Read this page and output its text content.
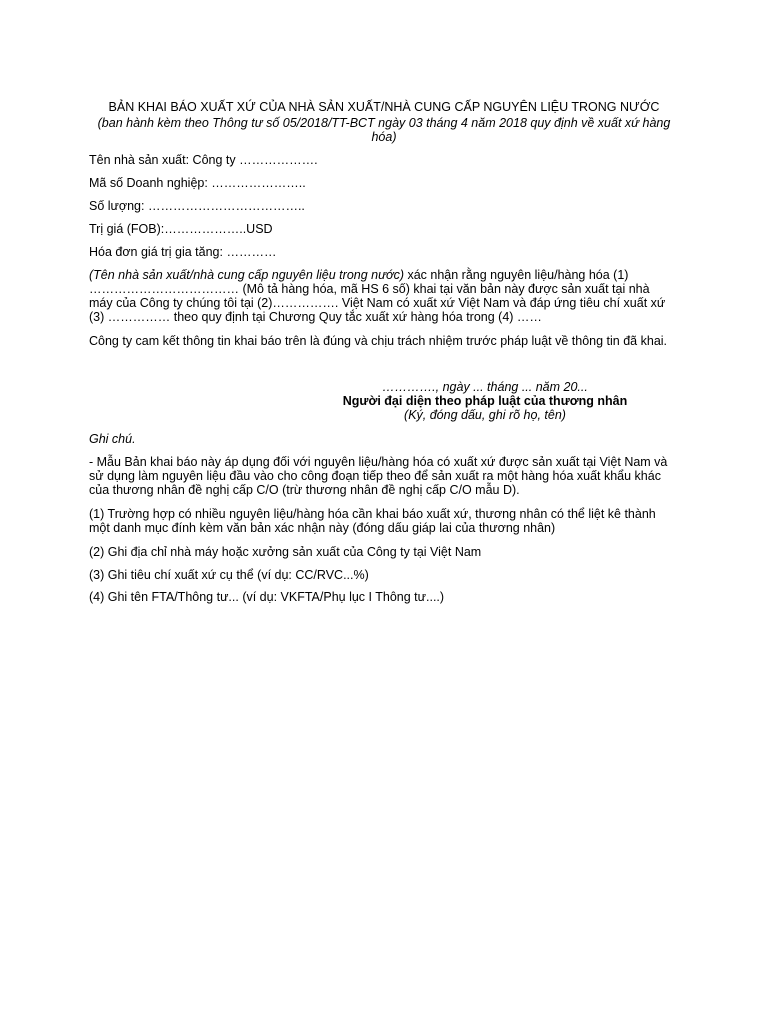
BẢN KHAI BÁO XUẤT XỨ CỦA NHÀ SẢN XUẤT/NHÀ CUNG CẤP NGUYÊN LIỆU TRONG NƯỚC
(ban hành kèm theo Thông tư số 05/2018/TT-BCT ngày 03 tháng 4 năm 2018 quy định về xuất xứ hàng hóa)
Tên nhà sản xuất: Công ty ……………….
Mã số Doanh nghiệp: …………………..
Số lượng: ………………………………..
Trị giá (FOB):………………..USD
Hóa đơn giá trị gia tăng: …………
(Tên nhà sản xuất/nhà cung cấp nguyên liệu trong nước) xác nhận rằng nguyên liệu/hàng hóa (1)
……………………………… (Mô tả hàng hóa, mã HS 6 số) khai tại văn bản này được sản xuất tại nhà
máy của Công ty chúng tôi tại (2)……………. Việt Nam có xuất xứ Việt Nam và đáp ứng tiêu chí xuất xứ
(3) …………… theo quy định tại Chương Quy tắc xuất xứ hàng hóa trong (4) ……
Công ty cam kết thông tin khai báo trên là đúng và chịu trách nhiệm trước pháp luật về thông tin đã khai.
…………., ngày ... tháng ... năm 20...
Người đại diện theo pháp luật của thương nhân
(Ký, đóng dấu, ghi rõ họ, tên)
Ghi chú.
- Mẫu Bản khai báo này áp dụng đối với nguyên liệu/hàng hóa có xuất xứ được sản xuất tại Việt Nam và
sử dụng làm nguyên liệu đầu vào cho công đoạn tiếp theo để sản xuất ra một hàng hóa xuất khẩu khác
của thương nhân đề nghị cấp C/O (trừ thương nhân đề nghị cấp C/O mẫu D).
(1) Trường hợp có nhiều nguyên liệu/hàng hóa cần khai báo xuất xứ, thương nhân có thể liệt kê thành
một danh mục đính kèm văn bản xác nhận này (đóng dấu giáp lai của thương nhân)
(2) Ghi địa chỉ nhà máy hoặc xưởng sản xuất của Công ty tại Việt Nam
(3) Ghi tiêu chí xuất xứ cụ thể (ví dụ: CC/RVC...%)
(4) Ghi tên FTA/Thông tư... (ví dụ: VKFTA/Phụ lục I Thông tư....)
